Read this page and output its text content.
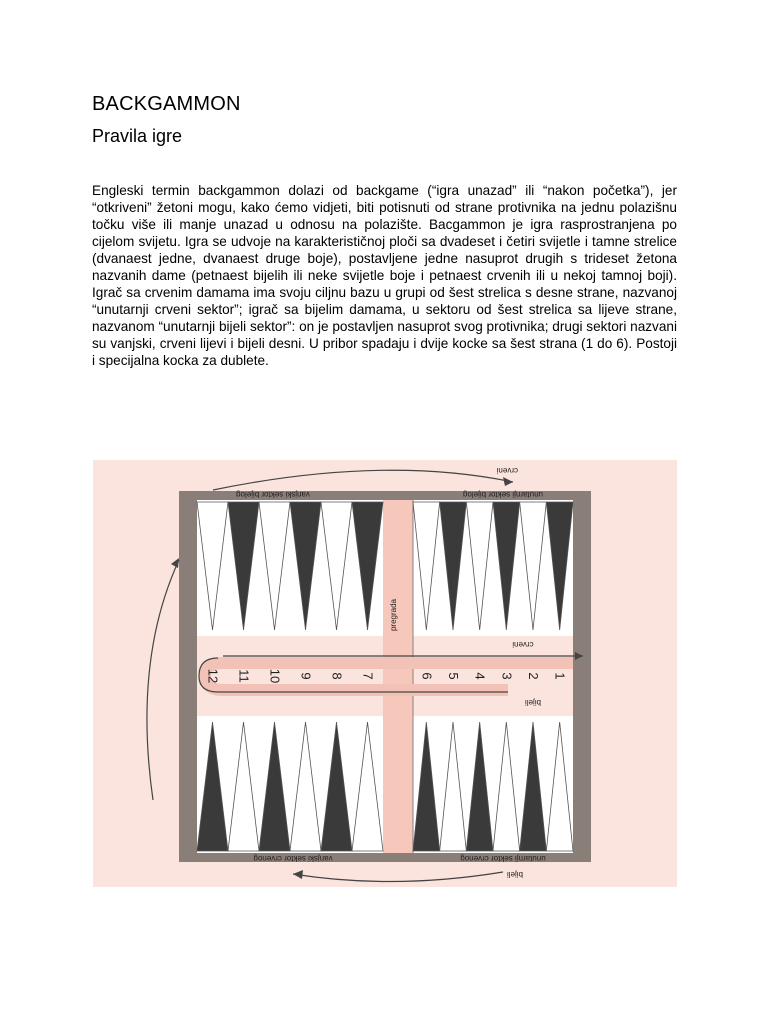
BACKGAMMON
Pravila igre

Engleski termin backgammon dolazi od backgame (“igra unazad” ili “nakon početka”), jer “otkriveni” žetoni mogu, kako ćemo vidjeti, biti potisnuti od strane protivnika na jednu polazišnu točku više ili manje unazad u odnosu na polazište. Bacgammon je igra rasprostranjena po cijelom svijetu. Igra se udvoje na karakterističnoj ploči sa dvadeset i četiri svijetle i tamne strelice (dvanaest jedne, dvanaest druge boje), postavljene jedne nasuprot drugih s trideset žetona nazvanih dame (petnaest bijelih ili neke svijetle boje i petnaest crvenih ili u nekoj tamnoj boji). Igrač sa crvenim damama ima svoju ciljnu bazu u grupi od šest strelica s desne strane, nazvanoj “unutarnji crveni sektor”; igrač sa bijelim damama, u sektoru od šest strelica sa lijeve strane, nazvanom “unutarnji bijeli sektor”: on je postavljen nasuprot svog protivnika; drugi sektori nazvani su vanjski, crveni lijevi i bijeli desni. U pribor spadaju i dvije kocke sa šest strana (1 do 6). Postoji i specijalna kocka za dublete.

12 11 10 9 8 7	6 5 4 3 2 1
vanjski sektor bijelog	unutarnji sektor bijelog
vanjski sektor crvenog	unutarnji sektor crvenog
pregrada
crveni
bijeli
crveni
bijeli
